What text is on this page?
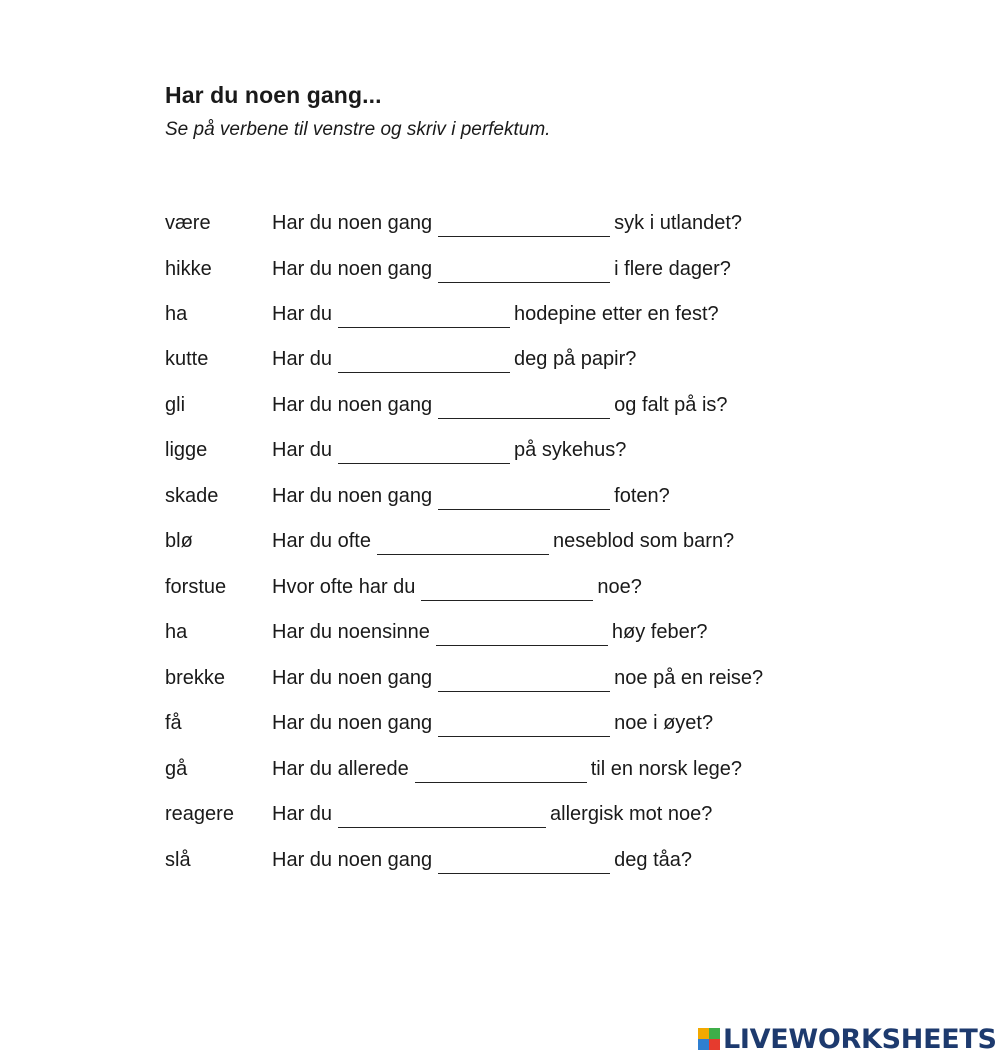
Har du noen gang...
Se på verbene til venstre og skriv i perfektum.
være	Har du noen gang	syk i utlandet?
hikke	Har du noen gang	i flere dager?
ha	Har du	hodepine etter en fest?
kutte	Har du	deg på papir?
gli	Har du noen gang	og falt på is?
ligge	Har du	på sykehus?
skade	Har du noen gang	foten?
blø	Har du ofte	neseblod som barn?
forstue Hvor ofte har du	noe?
ha	Har du noensinne	høy feber?
brekke Har du noen gang	noe på en reise?
få	Har du noen gang	noe i øyet?
gå	Har du allerede	til en norsk lege?
reagere Har du	allergisk mot noe?
slå	Har du noen gang	deg tåa?
LIVEWORKSHEETS
